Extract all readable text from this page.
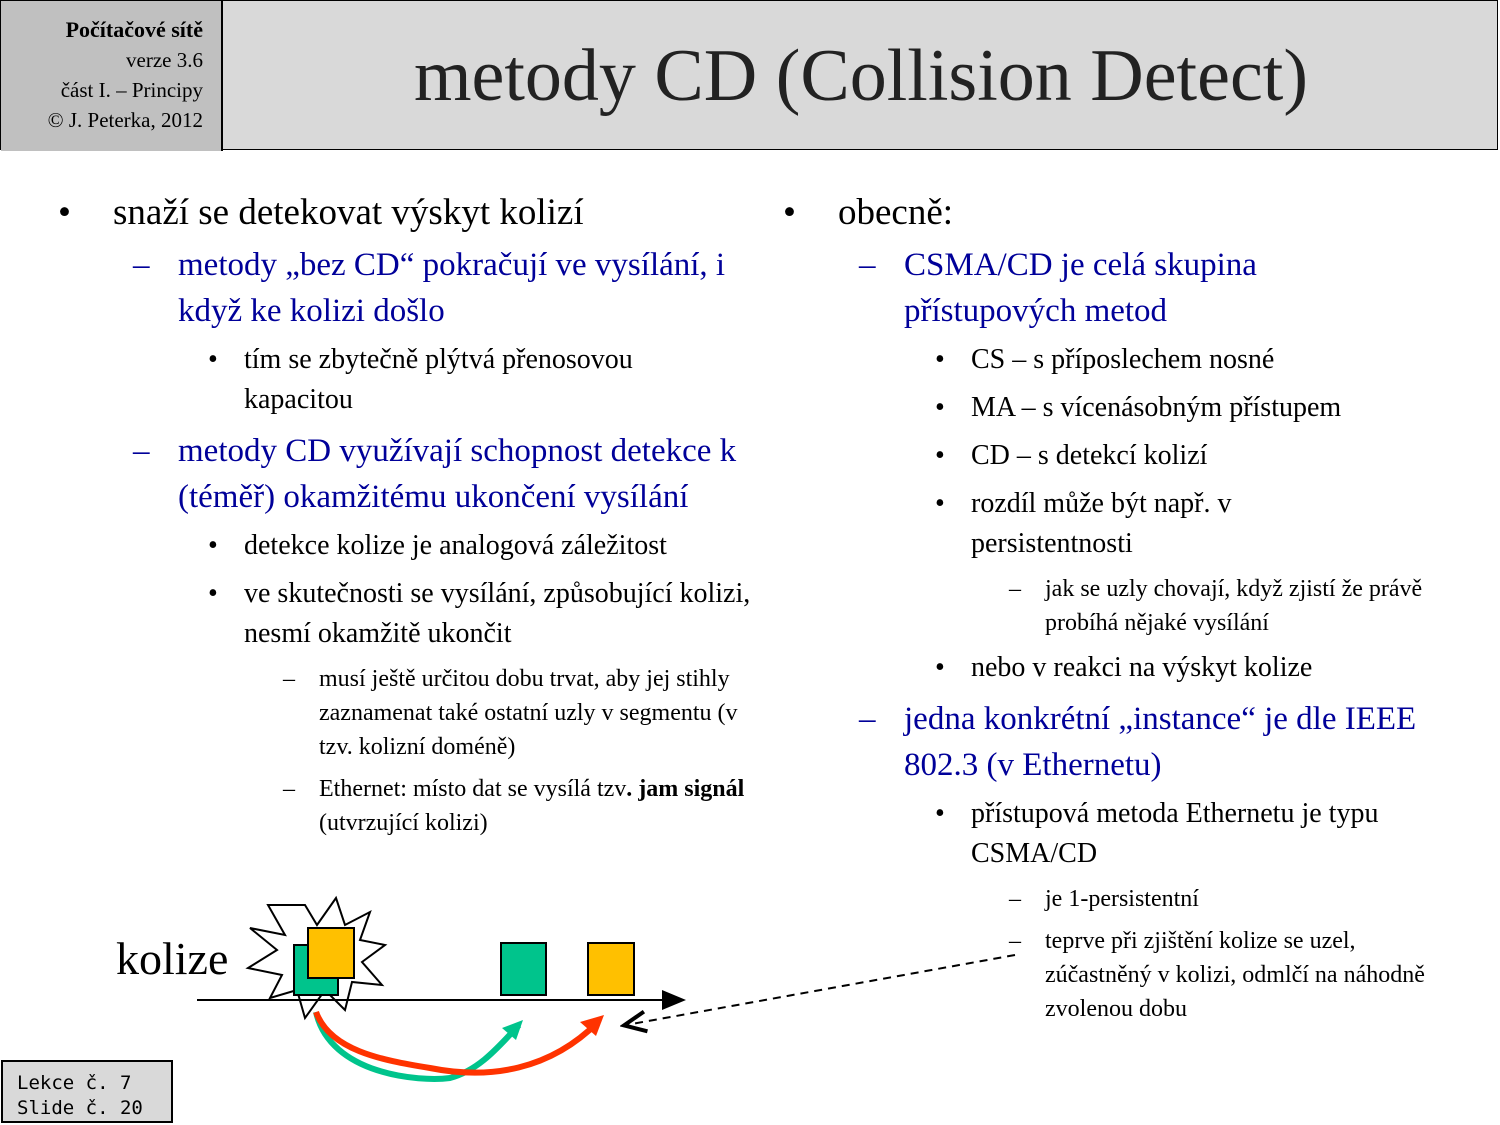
Počítačové sítě
verze 3.6
část I. – Principy
© J. Peterka, 2012
metody CD (Collision Detect)
• snaží se detekovat výskyt kolizí
– metody „bez CD“ pokračují ve vysílání, i když ke kolizi došlo
• tím se zbytečně plýtvá přenosovou kapacitou
– metody CD využívají schopnost detekce k (téměř) okamžitému ukončení vysílání
• detekce kolize je analogová záležitost
• ve skutečnosti se vysílání, způsobující kolizi, nesmí okamžitě ukončit
– musí ještě určitou dobu trvat, aby jej stihly zaznamenat také ostatní uzly v segmentu (v tzv. kolizní doméně)
– Ethernet: místo dat se vysílá tzv. jam signál (utvrzující kolizi)
• obecně:
– CSMA/CD je celá skupina přístupových metod
• CS – s příposlechem nosné
• MA – s vícenásobným přístupem
• CD – s detekcí kolizí
• rozdíl může být např. v persistentnosti
– jak se uzly chovají, když zjistí že právě probíhá nějaké vysílání
• nebo v reakci na výskyt kolize
– jedna konkrétní „instance“ je dle IEEE 802.3 (v Ethernetu)
• přístupová metoda Ethernetu je typu CSMA/CD
– je 1-persistentní
– teprve při zjištění kolize se uzel, zúčastněný v kolizi, odmlčí na náhodně zvolenou dobu
kolize
Lekce č. 7
Slide č. 20
